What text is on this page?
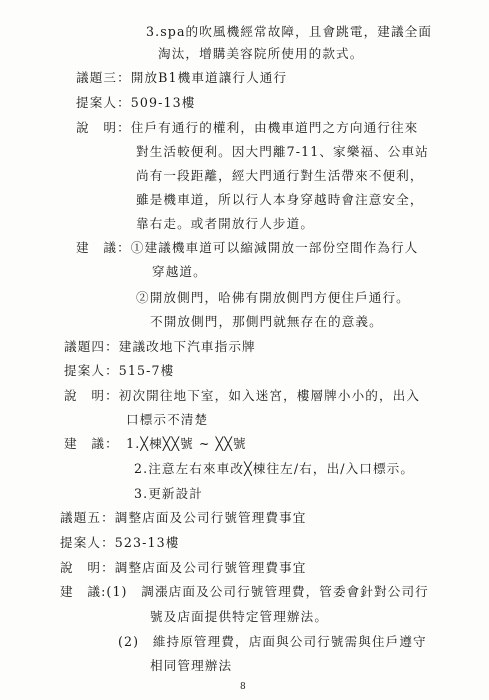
3.spa的吹風機經常故障，且會跳電，建議全面
淘汰，增購美容院所使用的款式。
議題三：開放B1機車道讓行人通行
提案人：509-13樓
說　明：住戶有通行的權利，由機車道門之方向通行往來
對生活較便利。因大門離7-11、家樂福、公車站
尚有一段距離，經大門通行對生活帶來不便利，
雖是機車道，所以行人本身穿越時會注意安全，
靠右走。或者開放行人步道。
建　議：①建議機車道可以縮減開放一部份空間作為行人
穿越道。
②開放側門，哈佛有開放側門方便住戶通行。
不開放側門，那側門就無存在的意義。
議題四：建議改地下汽車指示牌
提案人：515-7樓
說　明：初次開往地下室，如入迷宮，樓層牌小小的，出入
口標示不清楚
建　議：　1.╳棟╳╳號 ~ ╳╳號
2.注意左右來車改╳棟往左/右，出/入口標示。
3.更新設計
議題五：調整店面及公司行號管理費事宜
提案人：523-13樓
說　明：調整店面及公司行號管理費事宜
建　議:(1)　調漲店面及公司行號管理費，管委會針對公司行
號及店面提供特定管理辦法。
(2)　維持原管理費，店面與公司行號需與住戶遵守
相同管理辦法
8
